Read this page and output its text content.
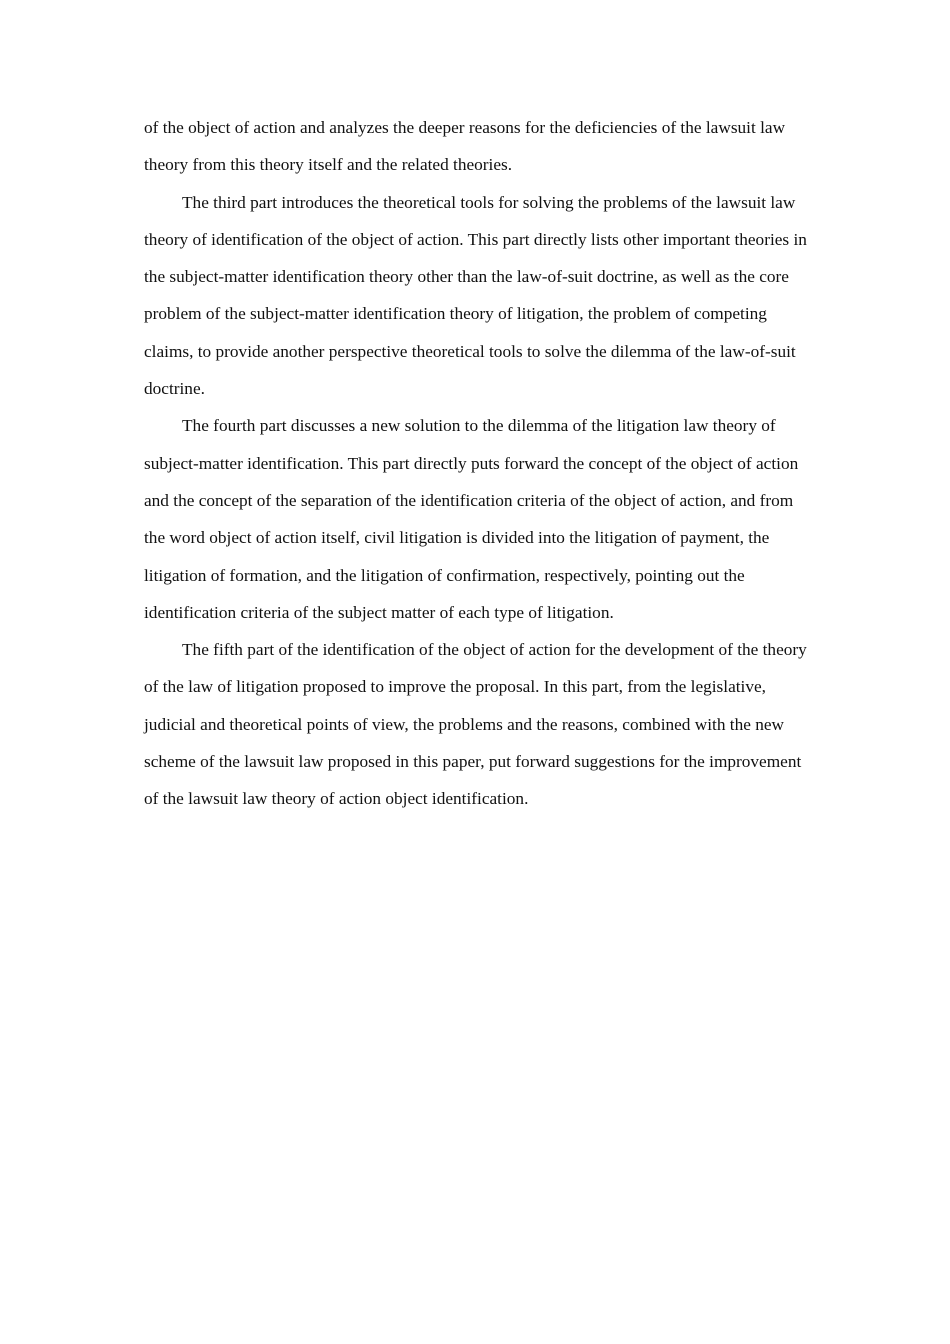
of the object of action and analyzes the deeper reasons for the deficiencies of the lawsuit law theory from this theory itself and the related theories.

The third part introduces the theoretical tools for solving the problems of the lawsuit law theory of identification of the object of action. This part directly lists other important theories in the subject-matter identification theory other than the law-of-suit doctrine, as well as the core problem of the subject-matter identification theory of litigation, the problem of competing claims, to provide another perspective theoretical tools to solve the dilemma of the law-of-suit doctrine.

The fourth part discusses a new solution to the dilemma of the litigation law theory of subject-matter identification. This part directly puts forward the concept of the object of action and the concept of the separation of the identification criteria of the object of action, and from the word object of action itself, civil litigation is divided into the litigation of payment, the litigation of formation, and the litigation of confirmation, respectively, pointing out the identification criteria of the subject matter of each type of litigation.

The fifth part of the identification of the object of action for the development of the theory of the law of litigation proposed to improve the proposal. In this part, from the legislative, judicial and theoretical points of view, the problems and the reasons, combined with the new scheme of the lawsuit law proposed in this paper, put forward suggestions for the improvement of the lawsuit law theory of action object identification.
